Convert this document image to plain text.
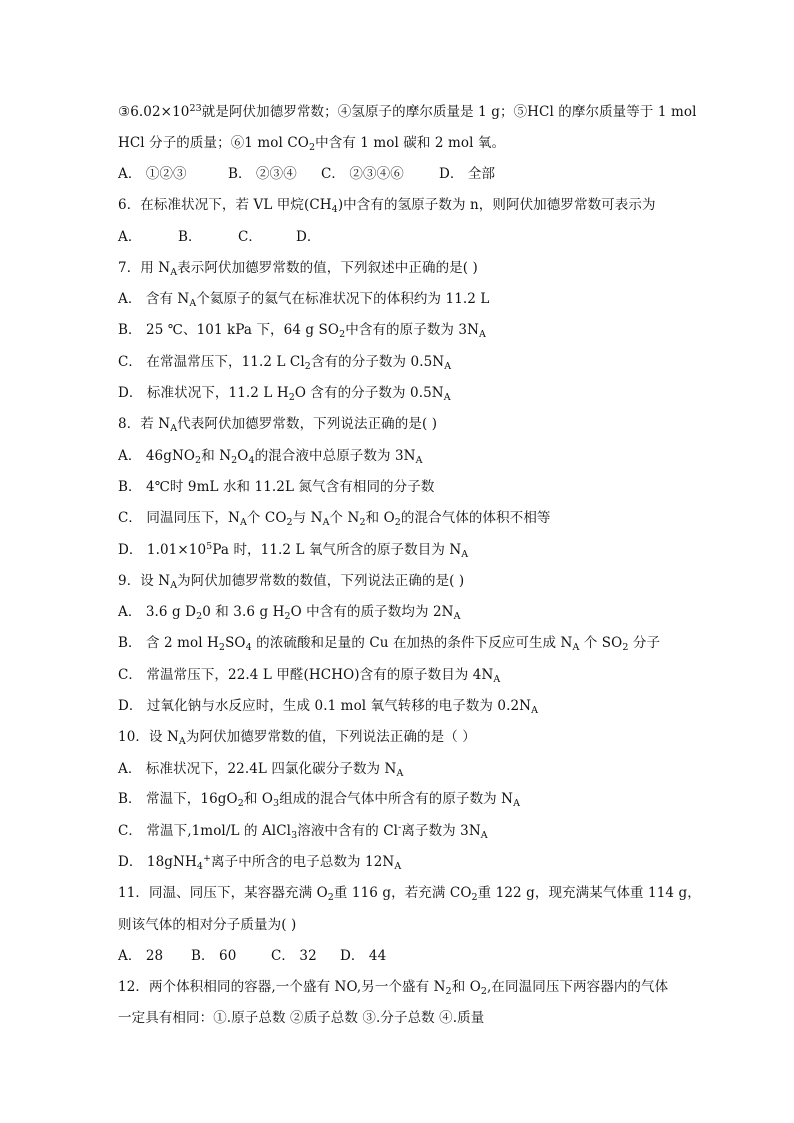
$③6.02\times 10^{23}$就是阿伏加德罗常数；④氢原子的摩尔质量是 1 g；⑤HCl 的摩尔质量等于 1 mol
HCl 分子的质量；⑥1 mol $CO_2$中含有 1 mol 碳和 2 mol 氧。
A． ①②③	B． ②③④ C． ②③④⑥	D． 全部
6．在标准状况下，若 VL 甲烷$(CH_4)$中含有的氢原子数为 n，则阿伏加德罗常数可表示为
A．	B．	C．	D．
7．用 $N_A$表示阿伏加德罗常数的值，下列叙述中正确的是( )
A． 含有 $N_A$个氦原子的氦气在标准状况下的体积约为 11.2 L
B． 25 ℃、101 kPa 下，64 g $SO_2$中含有的原子数为 $3N_A$
C． 在常温常压下，11.2 L $Cl_2$含有的分子数为 $0.5N_A$
D． 标准状况下，11.2 L $H_2O$ 含有的分子数为 $0.5N_A$
8．若 $N_A$代表阿伏加德罗常数，下列说法正确的是( )
A． 46gNO$_2$和 $N_2O_4$的混合液中总原子数为 $3N_A$
B． 4℃时 9mL 水和 11.2L 氮气含有相同的分子数
C． 同温同压下，$N_A$个 $CO_2$与 $N_A$个 $N_2$和 $O_2$的混合气体的体积不相等
D． $1.01\times 10^5Pa$ 时，11.2 L 氧气所含的原子数目为 $N_A$
9．设 $N_A$为阿伏加德罗常数的数值，下列说法正确的是( )
A． 3.6 g $D_20$ 和 3.6 g $H_2O$ 中含有的质子数均为 $2N_A$
B． 含 2 mol $H_2SO_4$ 的浓硫酸和足量的 Cu 在加热的条件下反应可生成 $N_A$ 个 $SO_2$ 分子
C． 常温常压下，22.4 L 甲醛(HCHO)含有的原子数目为 $4N_A$
D． 过氧化钠与水反应时，生成 0.1 mol 氧气转移的电子数为 $0.2N_A$
10．设 $N_A$为阿伏加德罗常数的值，下列说法正确的是（ ）
A． 标准状况下，22.4L 四氯化碳分子数为 $N_A$
B． 常温下，$16gO_2$和 $O_3$组成的混合气体中所含有的原子数为 $N_A$
C． 常温下,1mol/L 的 AlCl$_3$溶液中含有的 Cl-离子数为 $3N_A$
D． 18gNH$_4$+离子中所含的电子总数为 $12N_A$
11．同温、同压下，某容器充满 $O_2$重 116 g，若充满 $CO_2$重 122 g，现充满某气体重 114 g，
则该气体的相对分子质量为( )
A． 28 B． 60	C． 32 D． 44
12．两个体积相同的容器,一个盛有 NO,另一个盛有 $N_2$和 $O_2$,在同温同压下两容器内的气体
一定具有相同：①.原子总数 ②质子总数 ③.分子总数 ④.质量
